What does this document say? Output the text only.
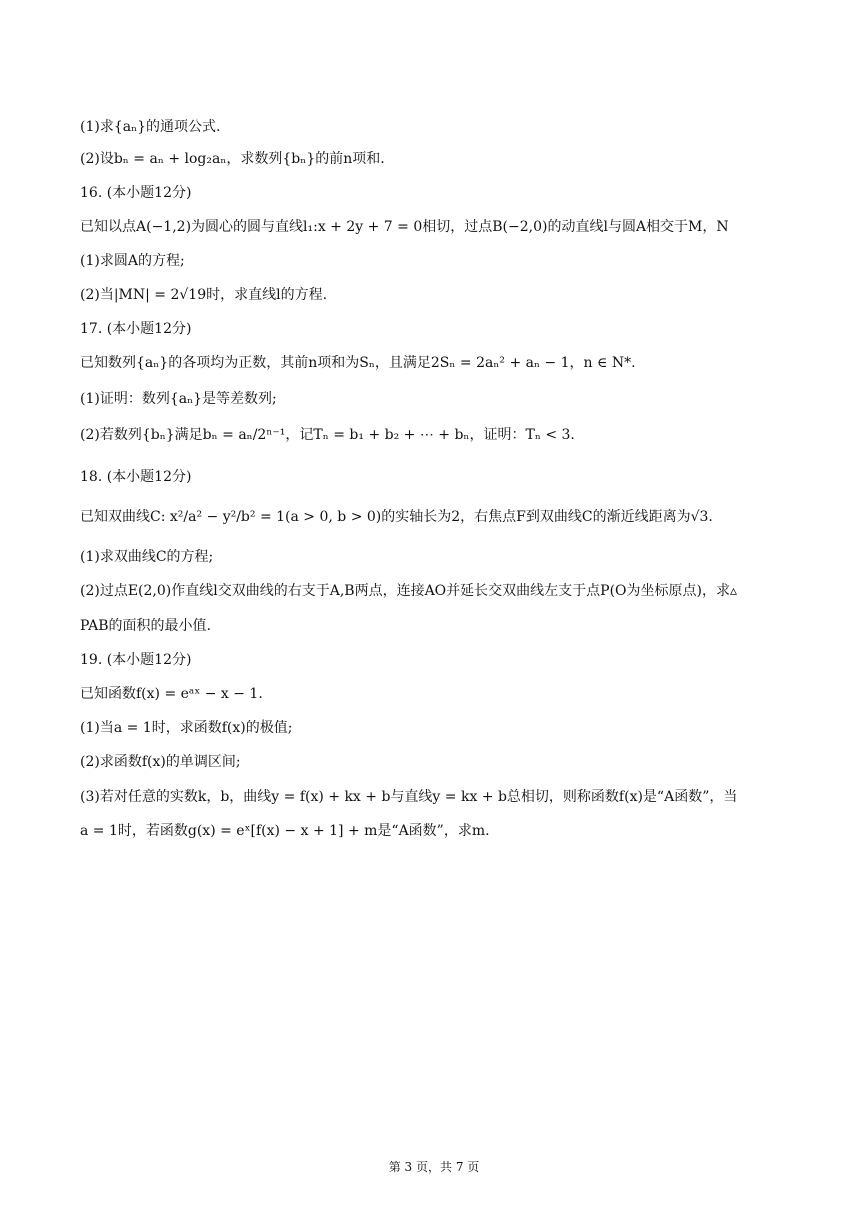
(1)求{aₙ}的通项公式.
(2)设bₙ = aₙ + log₂aₙ，求数列{bₙ}的前n项和.
16. (本小题12分)
已知以点A(−1,2)为圆心的圆与直线l₁:x + 2y + 7 = 0相切，过点B(−2,0)的动直线l与圆A相交于M，N
(1)求圆A的方程;
(2)当|MN| = 2√19时，求直线l的方程.
17. (本小题12分)
已知数列{aₙ}的各项均为正数，其前n项和为Sₙ，且满足2Sₙ = 2aₙ² + aₙ − 1，n ∈ N*.
(1)证明：数列{aₙ}是等差数列;
(2)若数列{bₙ}满足bₙ = aₙ/2ⁿ⁻¹，记Tₙ = b₁ + b₂ + ⋯ + bₙ，证明：Tₙ < 3.
18. (本小题12分)
已知双曲线C: x²/a² − y²/b² = 1(a > 0, b > 0)的实轴长为2，右焦点F到双曲线C的渐近线距离为√3.
(1)求双曲线C的方程;
(2)过点E(2,0)作直线l交双曲线的右支于A,B两点，连接AO并延长交双曲线左支于点P(O为坐标原点)，求▵
PAB的面积的最小值.
19. (本小题12分)
已知函数f(x) = eᵃˣ − x − 1.
(1)当a = 1时，求函数f(x)的极值;
(2)求函数f(x)的单调区间;
(3)若对任意的实数k，b，曲线y = f(x) + kx + b与直线y = kx + b总相切，则称函数f(x)是“A函数”，当
a = 1时，若函数g(x) = eˣ[f(x) − x + 1] + m是“A函数”，求m.
第 3 页，共 7 页
